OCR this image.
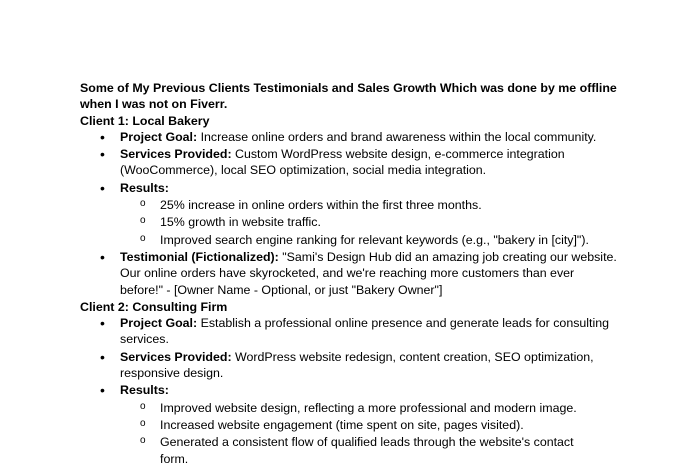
Some of My Previous Clients Testimonials and Sales Growth Which was done by me offline when I was not on Fiverr.

Client 1: Local Bakery

• Project Goal: Increase online orders and brand awareness within the local community.
• Services Provided: Custom WordPress website design, e-commerce integration (WooCommerce), local SEO optimization, social media integration.
• Results:
o 25% increase in online orders within the first three months.
o 15% growth in website traffic.
o Improved search engine ranking for relevant keywords (e.g., "bakery in [city]").
• Testimonial (Fictionalized): "Sami's Design Hub did an amazing job creating our website. Our online orders have skyrocketed, and we're reaching more customers than ever before!" - [Owner Name - Optional, or just "Bakery Owner"]

Client 2: Consulting Firm

• Project Goal: Establish a professional online presence and generate leads for consulting services.
• Services Provided: WordPress website redesign, content creation, SEO optimization, responsive design.
• Results:
o Improved website design, reflecting a more professional and modern image.
o Increased website engagement (time spent on site, pages visited).
o Generated a consistent flow of qualified leads through the website's contact form.
